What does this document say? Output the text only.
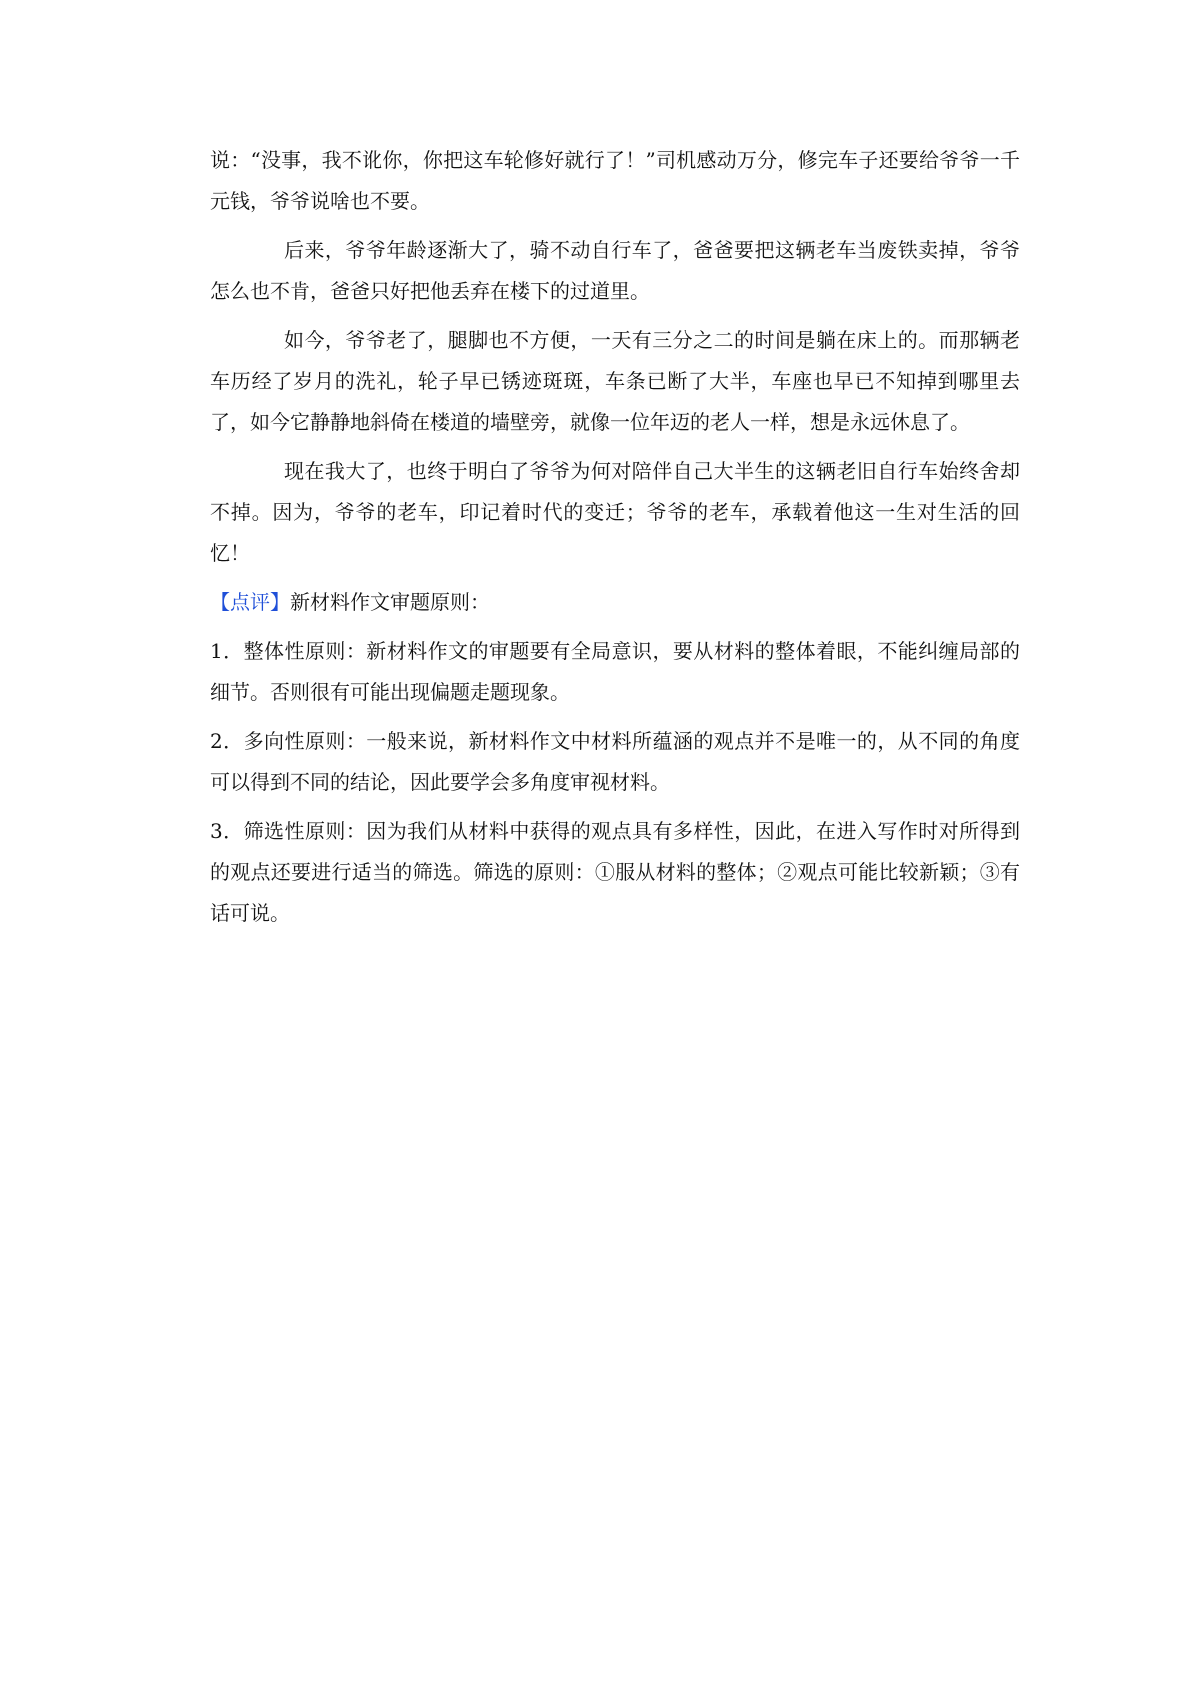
说：“没事，我不讹你，你把这车轮修好就行了！”司机感动万分，修完车子还要给爷爷一千元钱，爷爷说啥也不要。

后来，爷爷年龄逐渐大了，骑不动自行车了，爸爸要把这辆老车当废铁卖掉，爷爷怎么也不肯，爸爸只好把他丢弃在楼下的过道里。

如今，爷爷老了，腿脚也不方便，一天有三分之二的时间是躺在床上的。而那辆老车历经了岁月的洗礼，轮子早已锈迹斑斑，车条已断了大半，车座也早已不知掉到哪里去了，如今它静静地斜倚在楼道的墙壁旁，就像一位年迈的老人一样，想是永远休息了。

现在我大了，也终于明白了爷爷为何对陪伴自己大半生的这辆老旧自行车始终舍却不掉。因为，爷爷的老车，印记着时代的变迁；爷爷的老车，承载着他这一生对生活的回忆！

【点评】新材料作文审题原则：

1．整体性原则：新材料作文的审题要有全局意识，要从材料的整体着眼，不能纠缠局部的细节。否则很有可能出现偏题走题现象。

2．多向性原则：一般来说，新材料作文中材料所蕴涵的观点并不是唯一的，从不同的角度可以得到不同的结论，因此要学会多角度审视材料。

3．筛选性原则：因为我们从材料中获得的观点具有多样性，因此，在进入写作时对所得到的观点还要进行适当的筛选。筛选的原则：①服从材料的整体；②观点可能比较新颖；③有话可说。
